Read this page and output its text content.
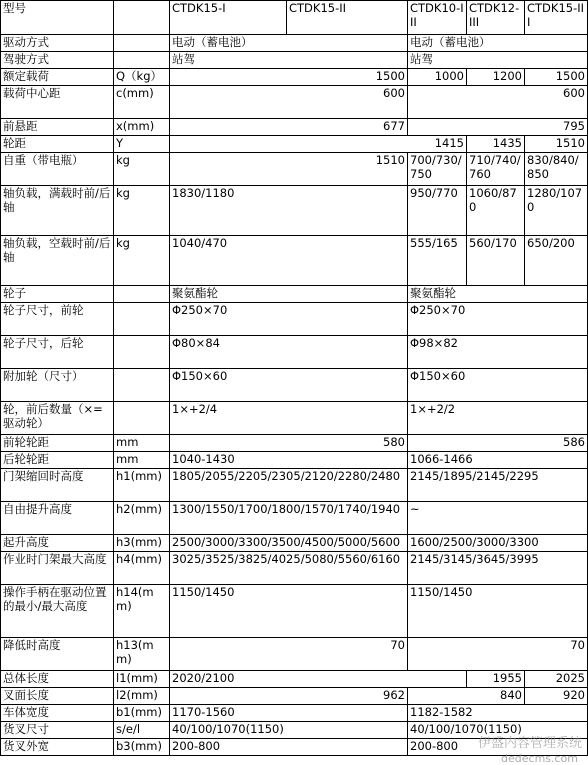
型号		CTDK15-I	CTDK15-II	CTDK10-III	CTDK12-III	CTDK15-III
驱动方式		电动（蓄电池）		电动（蓄电池）		
驾驶方式		站驾		站驾		
额定载荷	Q（kg）	1500		1000	1200	1500
载荷中心距	c(mm)	600		600		
前悬距	x(mm)	677		795		
轮距	Y	1415			1435	1510
自重（带电瓶）	kg	1510		700/730/750	710/740/760	830/840/850
轴负载，满载时前/后轴	kg	1830/1180		950/770	1060/870	1280/1070
轴负载，空载时前/后轴	kg	1040/470		555/165	560/170	650/200
轮子		聚氨酯轮		聚氨酯轮		
轮子尺寸，前轮		Φ250×70		Φ250×70		
轮子尺寸，后轮		Φ80×84		Φ98×82		
附加轮（尺寸）		Φ150×60		Φ150×60		
轮，前后数量（×=驱动轮）		1×+2/4		1×+2/2		
前轮轮距	mm	580		586		
后轮轮距	mm	1040-1430		1066-1466		
门架缩回时高度	h1(mm)	1805/2055/2205/2305/2120/2280/2480		2145/1895/2145/2295		
自由提升高度	h2(mm)	1300/1550/1700/1800/1570/1740/1940		~		
起升高度	h3(mm)	2500/3000/3300/3500/4500/5000/5600		1600/2500/3000/3300		
作业时门架最大高度	h4(mm)	3025/3525/3825/4025/5080/5560/6160		2145/3145/3645/3995		
操作手柄在驱动位置的最小/最大高度	h14(mm)	1150/1450		1150/1450		
降低时高度	h13(mm)	70		70		
总体长度	l1(mm)	2020/2100			1955	2025
叉面长度	l2(mm)	962		840		920
车体宽度	b1(mm)	1170-1560		1182-1582		
货叉尺寸	s/e/l	40/100/1070(1150)		40/100/1070(1150)		
货叉外宽	b3(mm)	200-800		200-800		伊盛内容管理系统
dedecms.com
